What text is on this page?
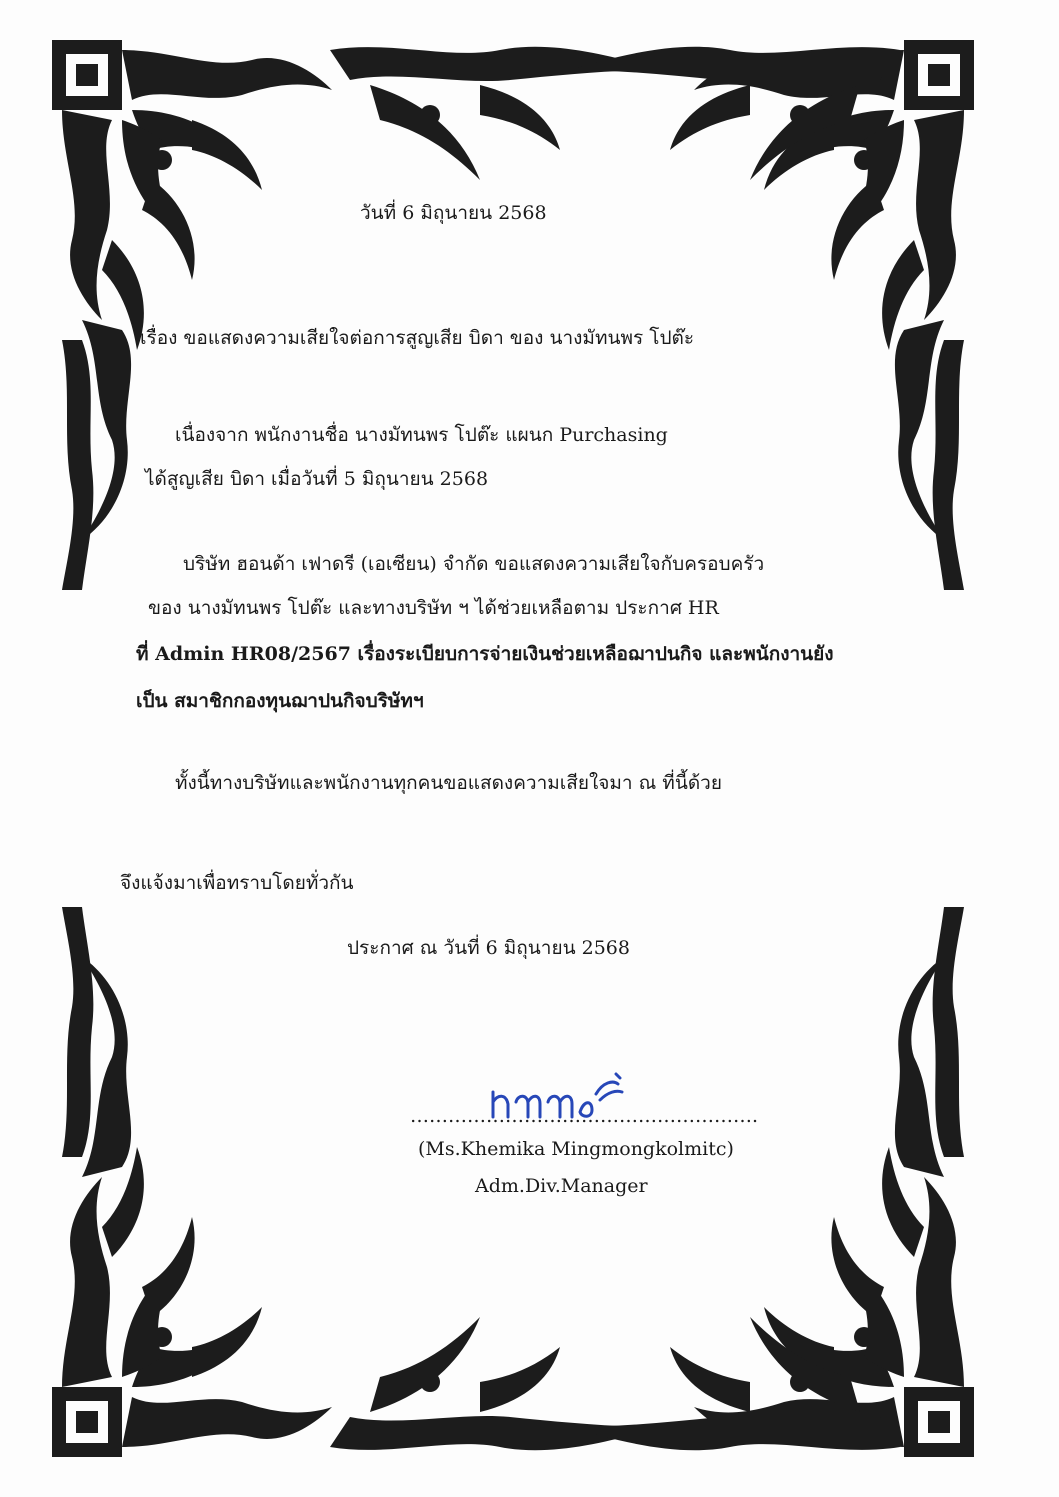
วันที่ 6 มิถุนายน 2568
เรื่อง ขอแสดงความเสียใจต่อการสูญเสีย บิดา ของ นางมัทนพร โปต๊ะ
เนื่องจาก พนักงานชื่อ นางมัทนพร โปต๊ะ แผนก Purchasing
ได้สูญเสีย บิดา เมื่อวันที่ 5 มิถุนายน 2568
บริษัท ฮอนด้า เฟาดรี (เอเซียน) จำกัด ขอแสดงความเสียใจกับครอบครัว
ของ นางมัทนพร โปต๊ะ และทางบริษัท ฯ ได้ช่วยเหลือตาม ประกาศ HR
ที่ Admin HR08/2567 เรื่องระเบียบการจ่ายเงินช่วยเหลือฌาปนกิจ และพนักงานยัง
เป็น สมาชิกกองทุนฌาปนกิจบริษัทฯ
ทั้งนี้ทางบริษัทและพนักงานทุกคนขอแสดงความเสียใจมา ณ ที่นี้ด้วย
จึงแจ้งมาเพื่อทราบโดยทั่วกัน
ประกาศ ณ วันที่ 6 มิถุนายน 2568
……………………………………………….
(Ms.Khemika Mingmongkolmitc)
Adm.Div.Manager
